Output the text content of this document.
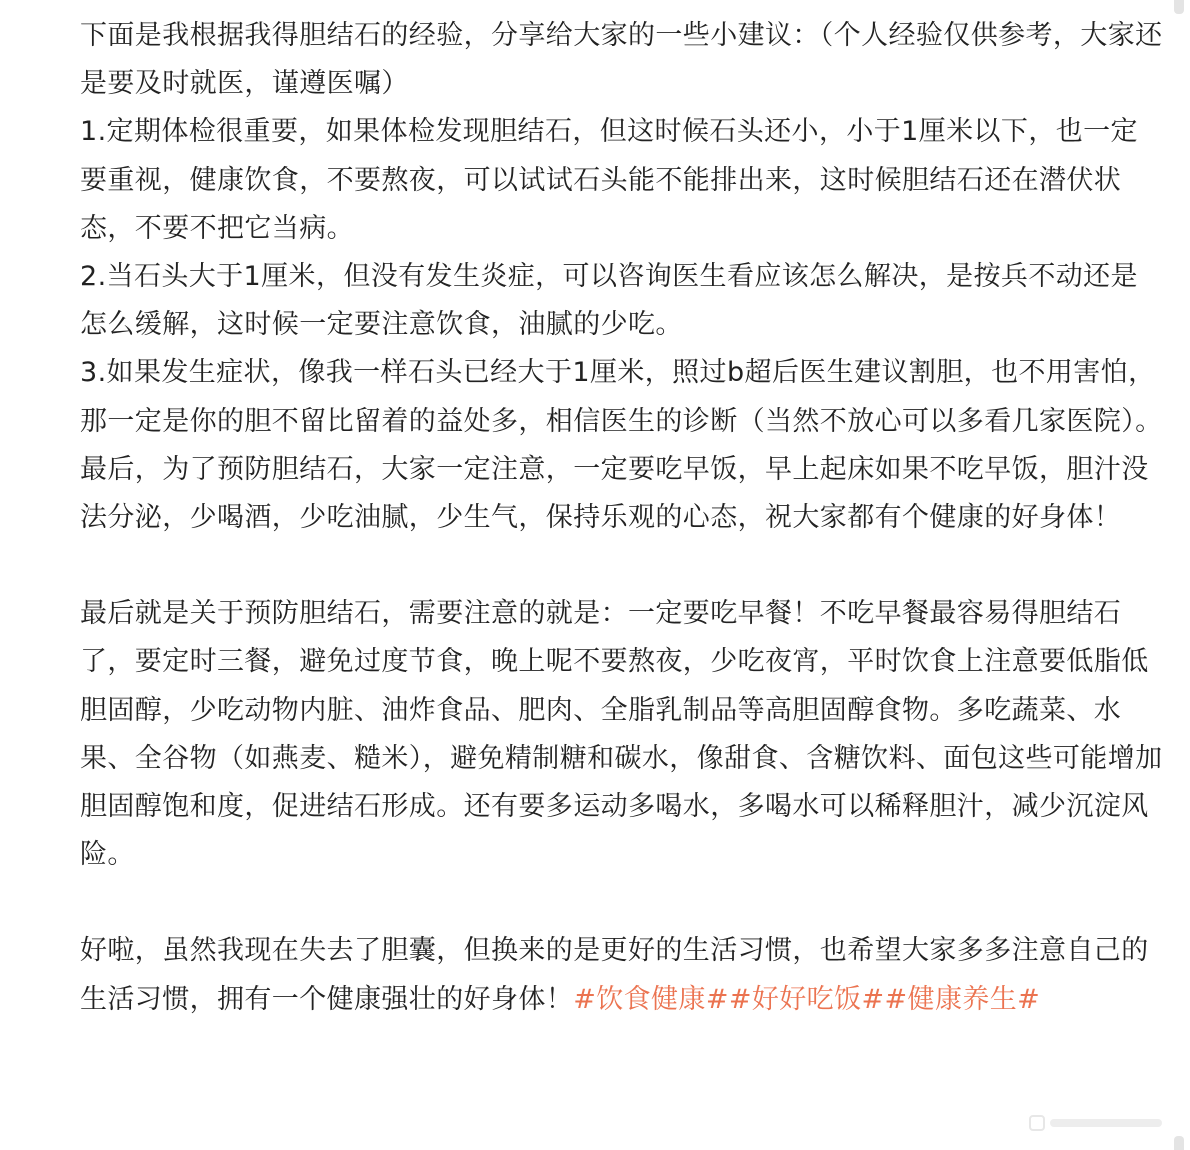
下面是我根据我得胆结石的经验，分享给大家的一些小建议：（个人经验仅供参考，大家还是要及时就医，谨遵医嘱）

1.定期体检很重要，如果体检发现胆结石，但这时候石头还小，小于1厘米以下，也一定要重视，健康饮食，不要熬夜，可以试试石头能不能排出来，这时候胆结石还在潜伏状态，不要不把它当病。

2.当石头大于1厘米，但没有发生炎症，可以咨询医生看应该怎么解决，是按兵不动还是怎么缓解，这时候一定要注意饮食，油腻的少吃。

3.如果发生症状，像我一样石头已经大于1厘米，照过b超后医生建议割胆，也不用害怕，那一定是你的胆不留比留着的益处多，相信医生的诊断（当然不放心可以多看几家医院）。

最后，为了预防胆结石，大家一定注意，一定要吃早饭，早上起床如果不吃早饭，胆汁没法分泌，少喝酒，少吃油腻，少生气，保持乐观的心态，祝大家都有个健康的好身体！

最后就是关于预防胆结石，需要注意的就是：一定要吃早餐！不吃早餐最容易得胆结石了，要定时三餐，避免过度节食，晚上呢不要熬夜，少吃夜宵，平时饮食上注意要低脂低胆固醇，少吃动物内脏、油炸食品、肥肉、全脂乳制品等高胆固醇食物。多吃蔬菜、水果、全谷物（如燕麦、糙米），避免精制糖和碳水，像甜食、含糖饮料、面包这些可能增加胆固醇饱和度，促进结石形成。还有要多运动多喝水，多喝水可以稀释胆汁，减少沉淀风险。

好啦，虽然我现在失去了胆囊，但换来的是更好的生活习惯，也希望大家多多注意自己的生活习惯，拥有一个健康强壮的好身体！#饮食健康##好好吃饭##健康养生#
